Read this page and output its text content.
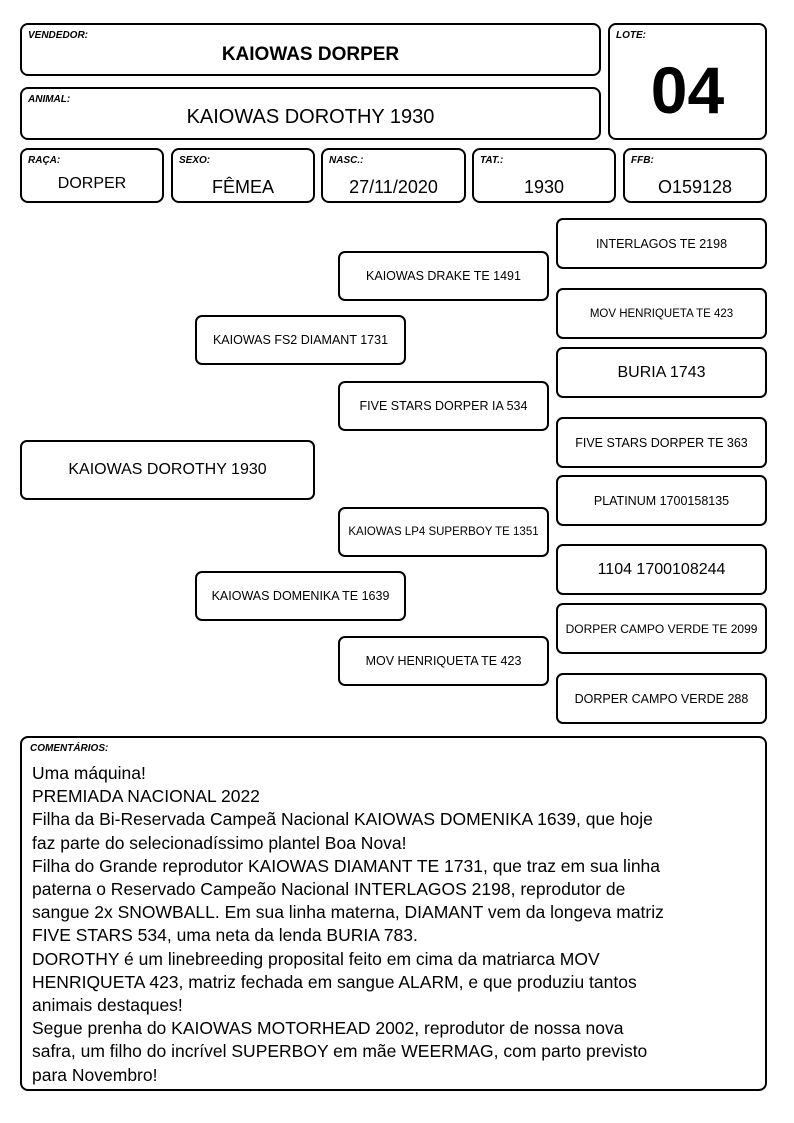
VENDEDOR:
KAIOWAS DORPER
ANIMAL:
KAIOWAS DOROTHY 1930
LOTE:
04
RAÇA:
DORPER
SEXO:
FÊMEA
NASC.:
27/11/2020
TAT.:
1930
FFB:
O159128
KAIOWAS DOROTHY 1930
KAIOWAS FS2 DIAMANT 1731
KAIOWAS DOMENIKA TE 1639
KAIOWAS DRAKE TE 1491
FIVE STARS DORPER IA 534
KAIOWAS LP4 SUPERBOY TE 1351
MOV HENRIQUETA TE 423
INTERLAGOS TE 2198
MOV HENRIQUETA TE 423
BURIA 1743
FIVE STARS DORPER TE 363
PLATINUM 1700158135
1104 1700108244
DORPER CAMPO VERDE TE 2099
DORPER CAMPO VERDE 288
COMENTÁRIOS:
Uma máquina!
PREMIADA NACIONAL 2022
Filha da Bi-Reservada Campeã Nacional KAIOWAS DOMENIKA 1639, que hoje
faz parte do selecionadíssimo plantel Boa Nova!
Filha do Grande reprodutor KAIOWAS DIAMANT TE 1731, que traz em sua linha
paterna o Reservado Campeão Nacional INTERLAGOS 2198, reprodutor de
sangue 2x SNOWBALL. Em sua linha materna, DIAMANT vem da longeva matriz
FIVE STARS 534, uma neta da lenda BURIA 783.
DOROTHY é um linebreeding proposital feito em cima da matriarca MOV
HENRIQUETA 423, matriz fechada em sangue ALARM, e que produziu tantos
animais destaques!
Segue prenha do KAIOWAS MOTORHEAD 2002, reprodutor de nossa nova
safra, um filho do incrível SUPERBOY em mãe WEERMAG, com parto previsto
para Novembro!
